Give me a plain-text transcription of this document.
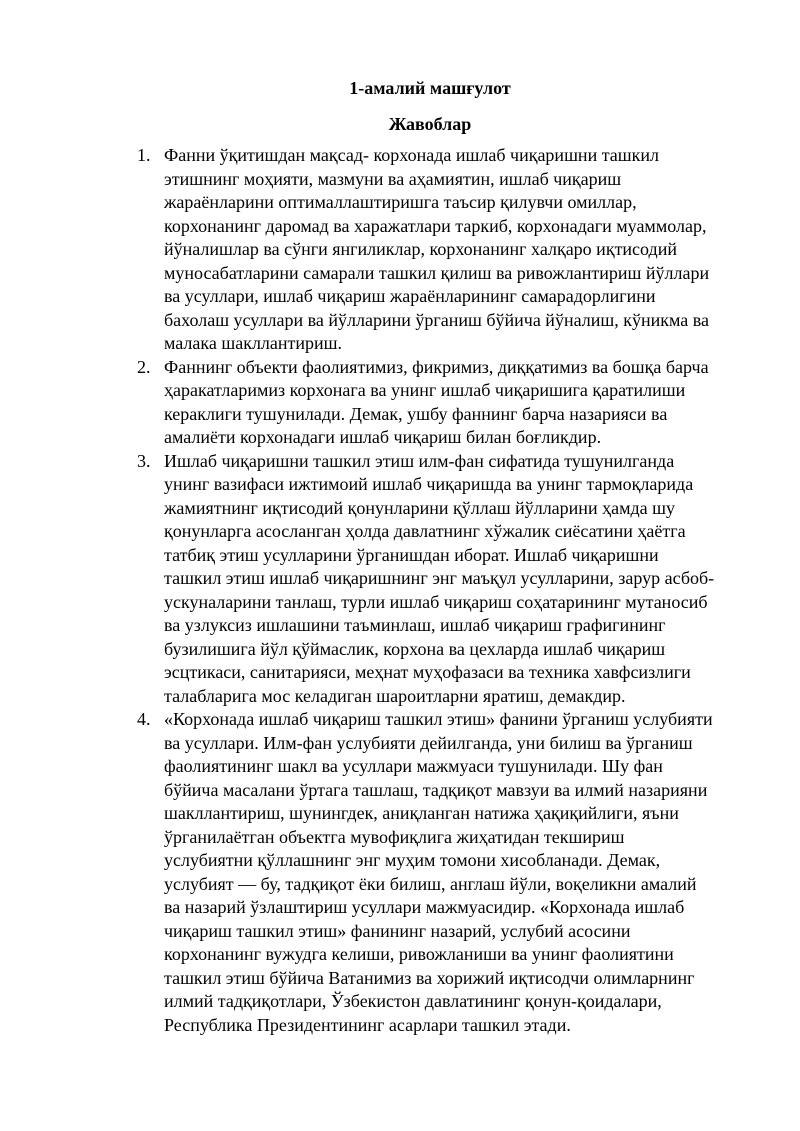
1-амалий машғулот
Жавоблар
1. Фанни ўқитишдан мақсад- корхонада ишлаб чиқаришни ташкил
этишнинг моҳияти, мазмуни ва аҳамиятин, ишлаб чиқариш
жараёнларини оптималлаштиришга таъсир қилувчи омиллар,
корхонанинг даромад ва харажатлари таркиб, корхонадаги муаммолар,
йўналишлар ва сўнги янгиликлар, корхонанинг халқаро иқтисодий
муносабатларини самарали ташкил қилиш ва ривожлантириш йўллари
ва усуллари, ишлаб чиқариш жараёнларининг самарадорлигини
бахолаш усуллари ва йўлларини ўрганиш бўйича йўналиш, кўникма ва
малака шакллантириш.
2. Фаннинг объекти фаолиятимиз, фикримиз, диққатимиз ва бошқа барча
ҳаракатларимиз корхонага ва унинг ишлаб чиқаришига қаратилиши
кераклиги тушунилади. Демак, ушбу фаннинг барча назарияси ва
амалиёти корхонадаги ишлаб чиқариш билан боғликдир.
3. Ишлаб чиқаришни ташкил этиш илм-фан сифатида тушунилганда
унинг вазифаси ижтимоий ишлаб чиқаришда ва унинг тармоқларида
жамиятнинг иқтисодий қонунларини қўллаш йўлларини ҳамда шу
қонунларга асосланган ҳолда давлатнинг хўжалик сиёсатини ҳаётга
татбиқ этиш усулларини ўрганишдан иборат. Ишлаб чиқаришни
ташкил этиш ишлаб чиқаришнинг энг маъқул усулларини, зарур асбоб-
ускуналарини танлаш, турли ишлаб чиқариш соҳатарининг мутаносиб
ва узлуксиз ишлашини таъминлаш, ишлаб чиқариш графигининг
бузилишига йўл қўймаслик, корхона ва цехларда ишлаб чиқариш
эсцтикаси, санитарияси, меҳнат муҳофазаси ва техника хавфсизлиги
талабларига мос келадиган шароитларни яратиш, демакдир.
4. «Корхонада ишлаб чиқариш ташкил этиш» фанини ўрганиш услубияти
ва усуллари. Илм-фан услубияти дейилганда, уни билиш ва ўрганиш
фаолиятининг шакл ва усуллари мажмуаси тушунилади. Шу фан
бўйича масалани ўртага ташлаш, тадқиқот мавзуи ва илмий назарияни
шакллантириш, шунингдек, аниқланган натижа ҳақиқийлиги, яъни
ўрганилаётган объектга мувофиқлига жиҳатидан текшириш
услубиятни қўллашнинг энг муҳим томони хисобланади. Демак,
услубият — бу, тадқиқот ёки билиш, англаш йўли, воқеликни амалий
ва назарий ўзлаштириш усуллари мажмуасидир. «Корхонада ишлаб
чиқариш ташкил этиш» фанининг назарий, услубий асосини
корхонанинг вужудга келиши, ривожланиши ва унинг фаолиятини
ташкил этиш бўйича Ватанимиз ва хорижий иқтисодчи олимларнинг
илмий тадқиқотлари, Ўзбекистон давлатининг қонун-қоидалари,
Республика Президентининг асарлари ташкил этади.
